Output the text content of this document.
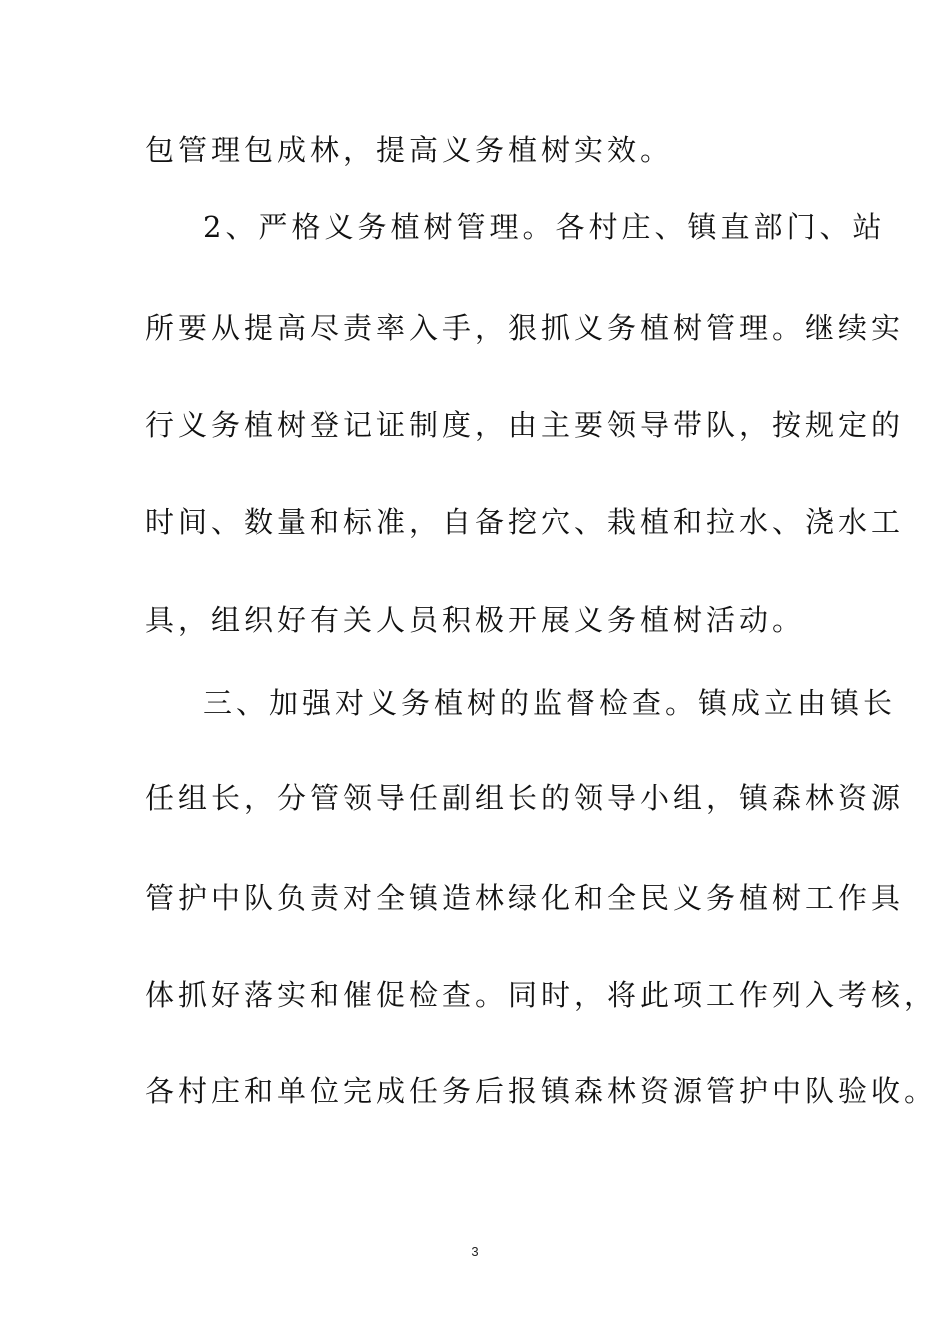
包管理包成林，提高义务植树实效。
2、严格义务植树管理。各村庄、镇直部门、站
所要从提高尽责率入手，狠抓义务植树管理。继续实
行义务植树登记证制度，由主要领导带队，按规定的
时间、数量和标准，自备挖穴、栽植和拉水、浇水工
具，组织好有关人员积极开展义务植树活动。
三、加强对义务植树的监督检查。镇成立由镇长
任组长，分管领导任副组长的领导小组，镇森林资源
管护中队负责对全镇造林绿化和全民义务植树工作具
体抓好落实和催促检查。同时，将此项工作列入考核，
各村庄和单位完成任务后报镇森林资源管护中队验收。
3
